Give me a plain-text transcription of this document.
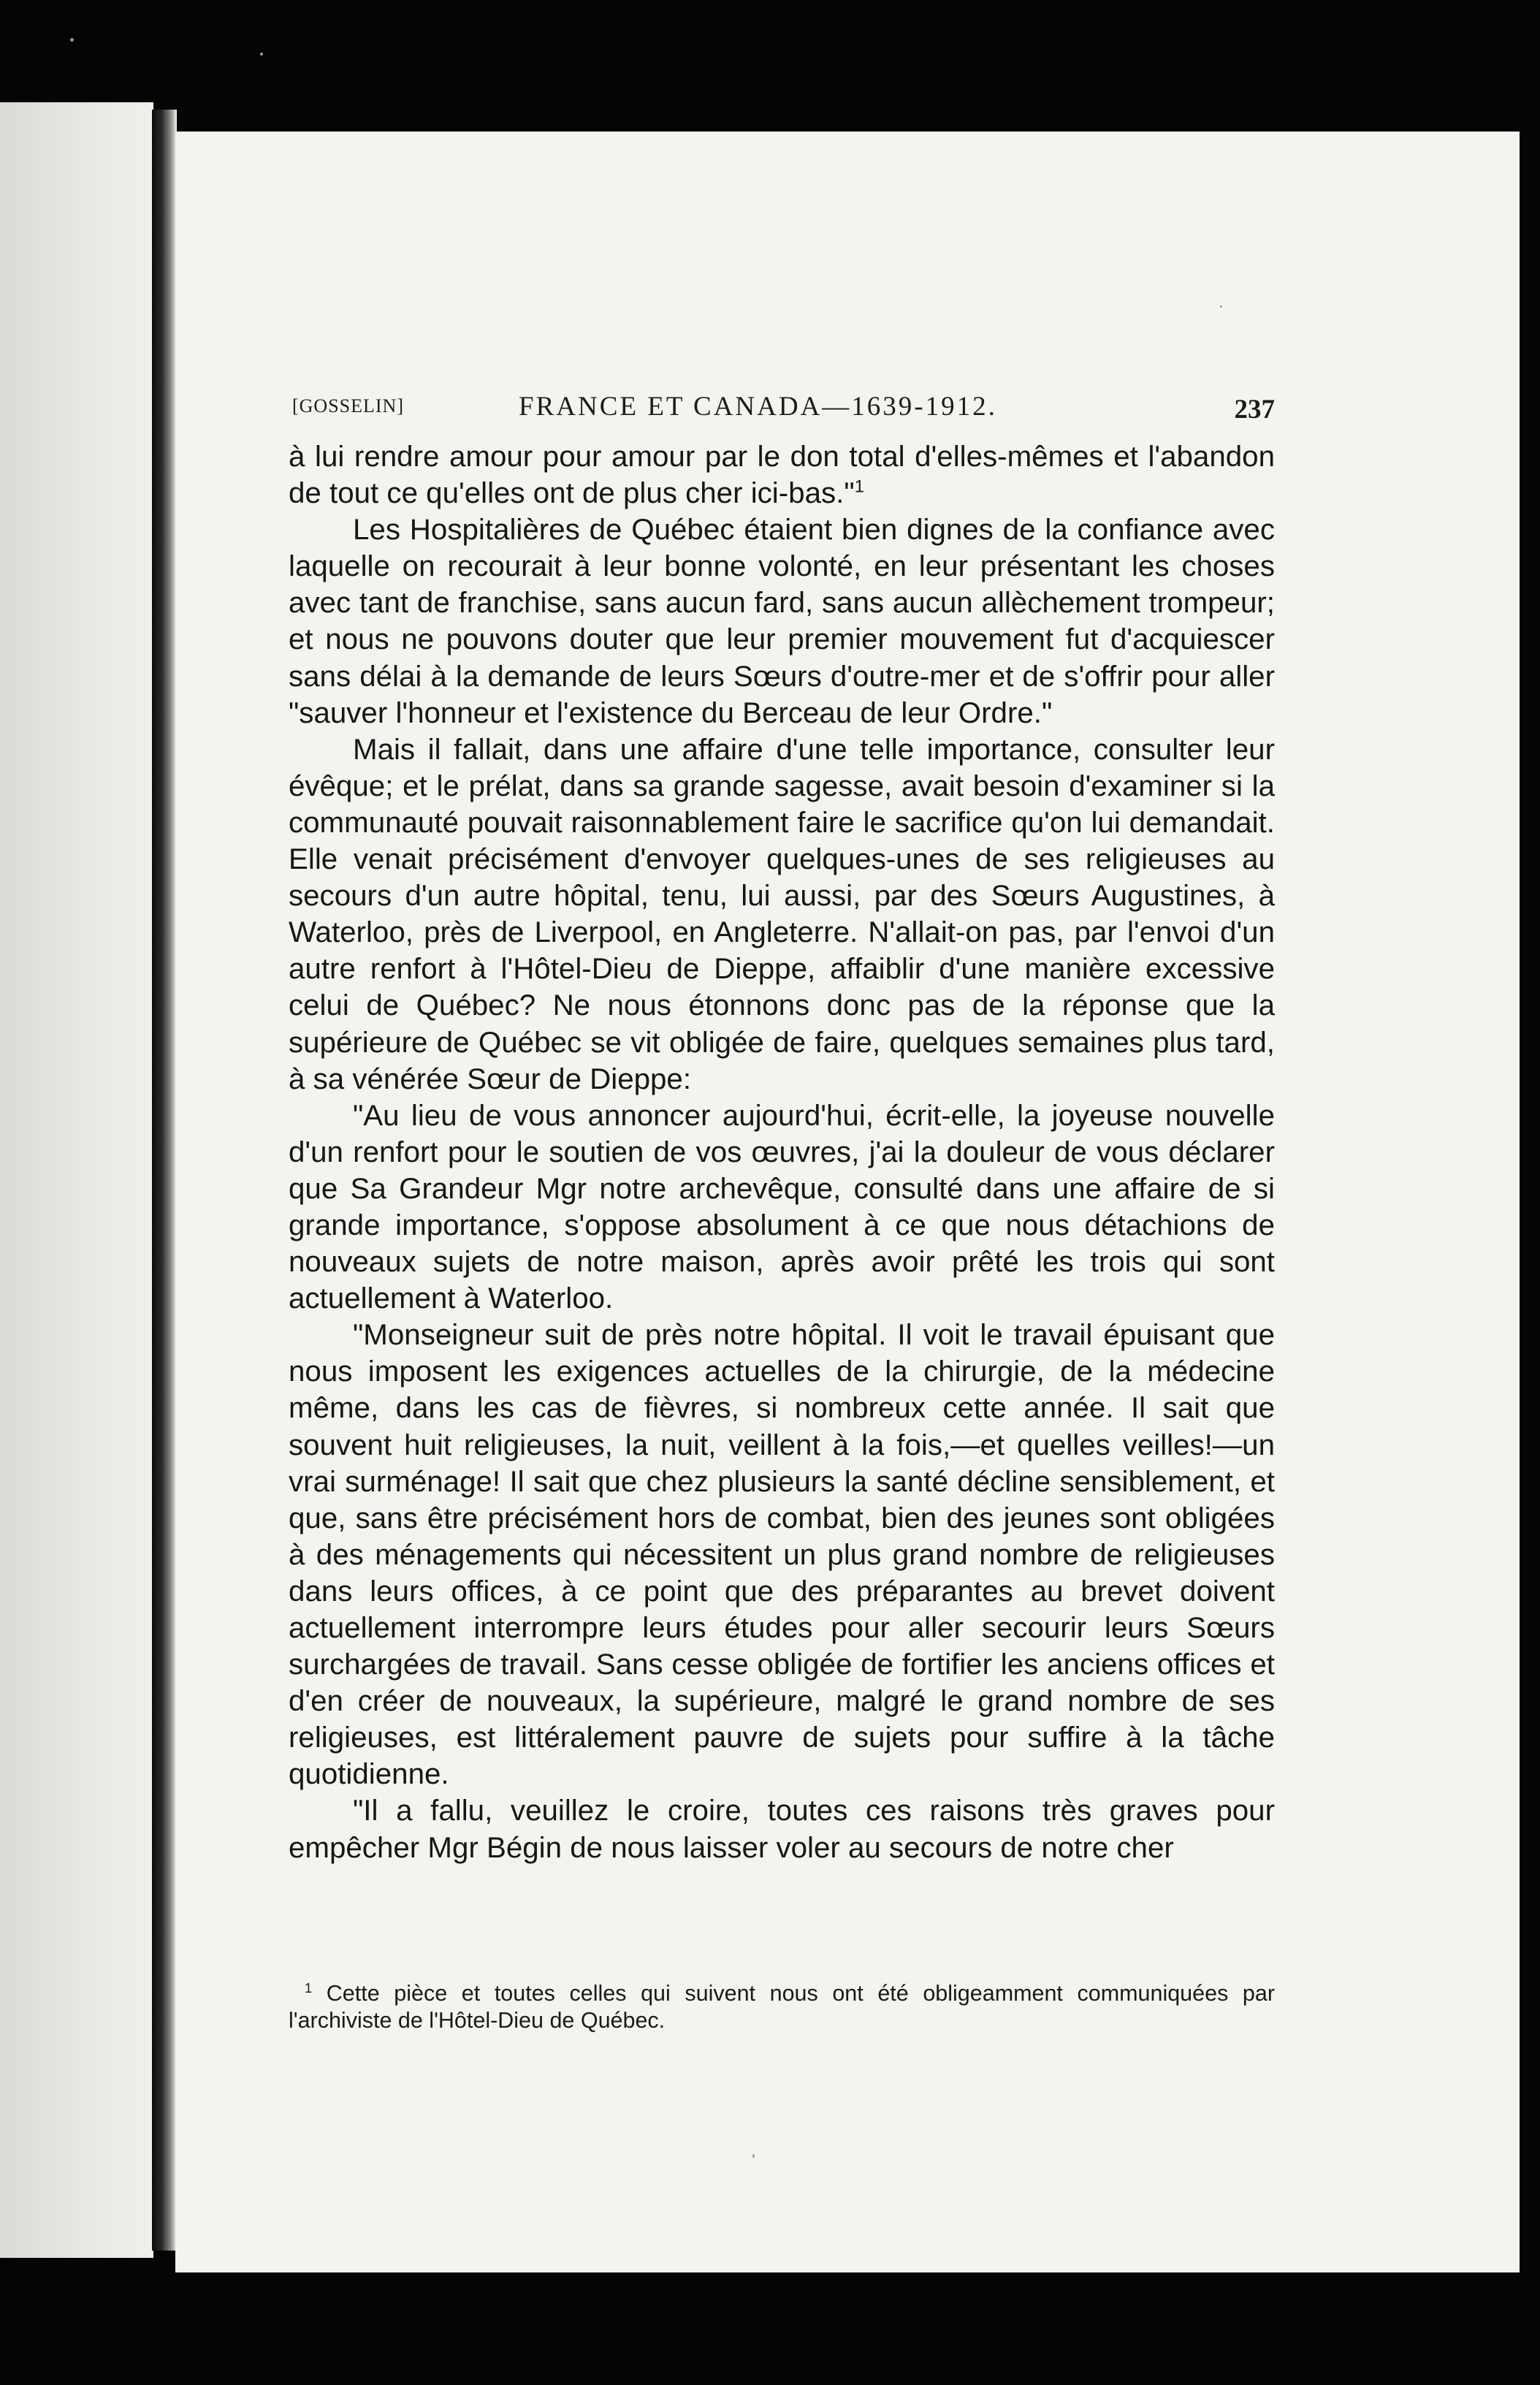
[GOSSELIN]	FRANCE ET CANADA—1639-1912.	237

à lui rendre amour pour amour par le don total d'elles-mêmes et l'abandon de tout ce qu'elles ont de plus cher ici-bas."$^1$

Les Hospitalières de Québec étaient bien dignes de la confiance avec laquelle on recourait à leur bonne volonté, en leur présentant les choses avec tant de franchise, sans aucun fard, sans aucun allèchement trompeur; et nous ne pouvons douter que leur premier mouvement fut d'acquiescer sans délai à la demande de leurs Sœurs d'outre-mer et de s'offrir pour aller "sauver l'honneur et l'existence du Berceau de leur Ordre."

Mais il fallait, dans une affaire d'une telle importance, consulter leur évêque; et le prélat, dans sa grande sagesse, avait besoin d'examiner si la communauté pouvait raisonnablement faire le sacrifice qu'on lui demandait. Elle venait précisément d'envoyer quelques-unes de ses religieuses au secours d'un autre hôpital, tenu, lui aussi, par des Sœurs Augustines, à Waterloo, près de Liverpool, en Angleterre. N'allait-on pas, par l'envoi d'un autre renfort à l'Hôtel-Dieu de Dieppe, affaiblir d'une manière excessive celui de Québec? Ne nous étonnons donc pas de la réponse que la supérieure de Québec se vit obligée de faire, quelques semaines plus tard, à sa vénérée Sœur de Dieppe:

"Au lieu de vous annoncer aujourd'hui, écrit-elle, la joyeuse nouvelle d'un renfort pour le soutien de vos œuvres, j'ai la douleur de vous déclarer que Sa Grandeur Mgr notre archevêque, consulté dans une affaire de si grande importance, s'oppose absolument à ce que nous détachions de nouveaux sujets de notre maison, après avoir prêté les trois qui sont actuellement à Waterloo.

"Monseigneur suit de près notre hôpital. Il voit le travail épuisant que nous imposent les exigences actuelles de la chirurgie, de la médecine même, dans les cas de fièvres, si nombreux cette année. Il sait que souvent huit religieuses, la nuit, veillent à la fois,—et quelles veilles!—un vrai surménage! Il sait que chez plusieurs la santé décline sensiblement, et que, sans être précisément hors de combat, bien des jeunes sont obligées à des ménagements qui nécessitent un plus grand nombre de religieuses dans leurs offices, à ce point que des préparantes au brevet doivent actuellement interrompre leurs études pour aller secourir leurs Sœurs surchargées de travail. Sans cesse obligée de fortifier les anciens offices et d'en créer de nouveaux, la supérieure, malgré le grand nombre de ses religieuses, est littéralement pauvre de sujets pour suffire à la tâche quotidienne.

"Il a fallu, veuillez le croire, toutes ces raisons très graves pour empêcher Mgr Bégin de nous laisser voler au secours de notre cher

$^1$ Cette pièce et toutes celles qui suivent nous ont été obligeamment communiquées par l'archiviste de l'Hôtel-Dieu de Québec.
